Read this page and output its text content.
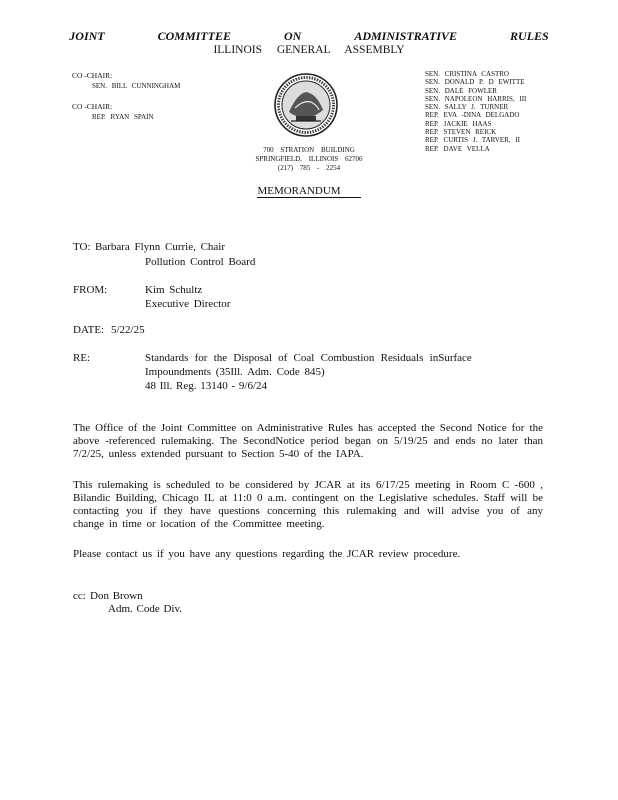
JOINT	COMMITTEE	ON	ADMINISTRATIVE	RULES
ILLINOIS GENERAL ASSEMBLY
CO -CHAIR:
SEN. BILL CUNNINGHAM
CO -CHAIR:
REP. RYAN SPAIN
700 STRATION BUILDING
SPRINGFIELD, ILLINOIS 62706
(217) 785 - 2254
SEN. CRISTINA CASTRO
SEN. DONALD P. D EWITTE
SEN. DALE FOWLER
SEN. NAPOLEON HARRIS, III
SEN. SALLY J. TURNER
REP. EVA -DINA DELGADO
REP. JACKIE HAAS
REP. STEVEN REICK
REP. CURTIS J. TARVER, II
REP. DAVE VELLA
MEMORANDUM
TO: Barbara Flynn Currie, Chair
Pollution Control Board
FROM:	Kim Schultz
Executive Director
DATE: 5/22/25
RE:	Standards for the Disposal of Coal Combustion Residuals inSurface
Impoundments (35Ill. Adm. Code 845)
48 Ill. Reg. 13140 - 9/6/24
The Office of the Joint Committee on Administrative Rules has accepted the Second Notice for the above -referenced rulemaking. The SecondNotice period began on 5/19/25 and ends no later than 7/2/25, unless extended pursuant to Section 5-40 of the IAPA.
This rulemaking is scheduled to be considered by JCAR at its 6/17/25 meeting in Room C -600 , Bilandic Building, Chicago IL at 11:0 0 a.m. contingent on the Legislative schedules. Staff will be contacting you if they have questions concerning this rulemaking and will advise you of any change in time or location of the Committee meeting.
Please contact us if you have any questions regarding the JCAR review procedure.
cc: Don Brown
Adm. Code Div.
